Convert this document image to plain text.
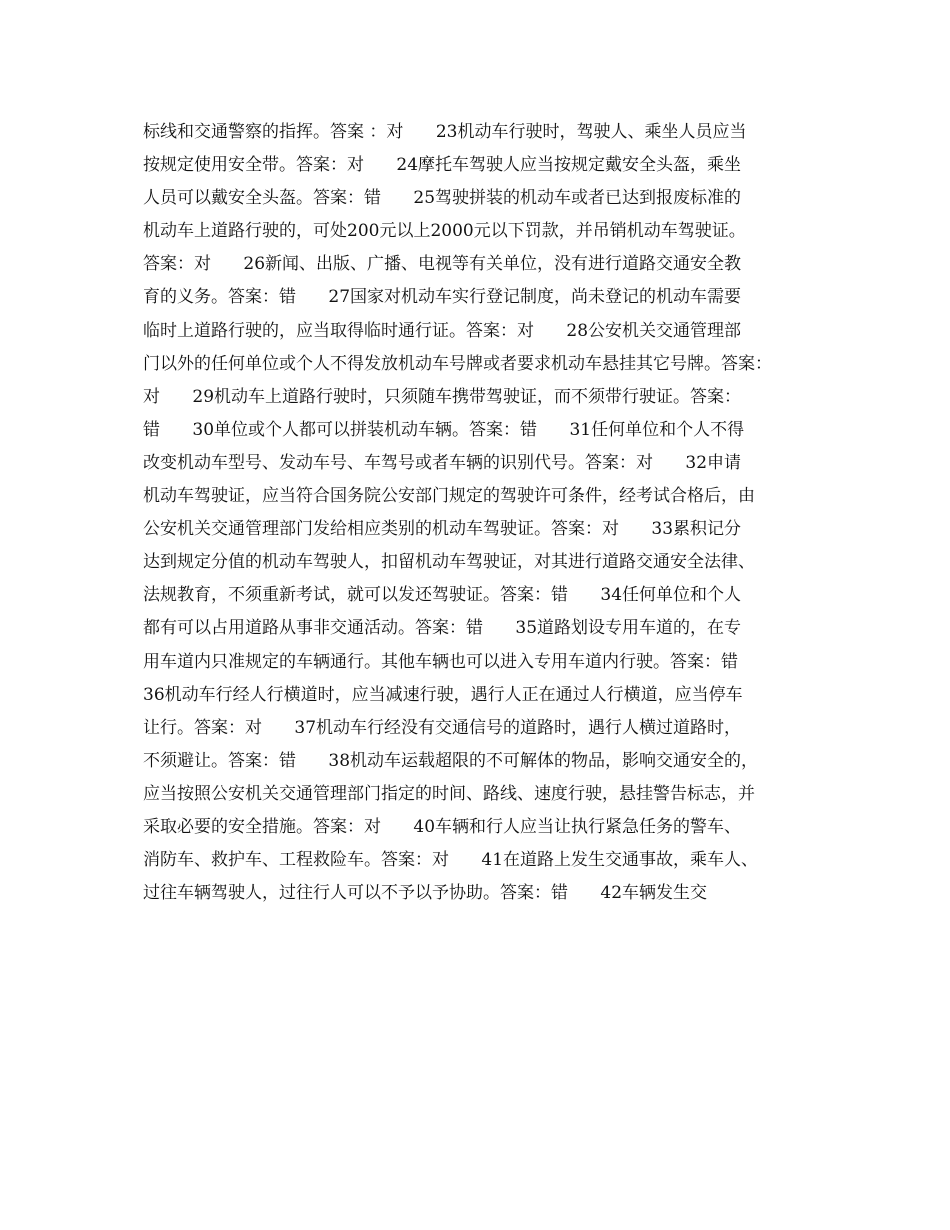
标线和交通警察的指挥。答案 ：对      23机动车行驶时，驾驶人、乘坐人员应当
按规定使用安全带。答案：对      24摩托车驾驶人应当按规定戴安全头盔，乘坐
人员可以戴安全头盔。答案：错      25驾驶拼装的机动车或者已达到报废标准的
机动车上道路行驶的，可处200元以上2000元以下罚款，并吊销机动车驾驶证。
答案：对      26新闻、出版、广播、电视等有关单位，没有进行道路交通安全教
育的义务。答案：错      27国家对机动车实行登记制度，尚未登记的机动车需要
临时上道路行驶的，应当取得临时通行证。答案：对      28公安机关交通管理部
门以外的任何单位或个人不得发放机动车号牌或者要求机动车悬挂其它号牌。答案：
对      29机动车上道路行驶时，只须随车携带驾驶证，而不须带行驶证。答案：
错      30单位或个人都可以拼装机动车辆。答案：错      31任何单位和个人不得
改变机动车型号、发动车号、车驾号或者车辆的识别代号。答案：对      32申请
机动车驾驶证，应当符合国务院公安部门规定的驾驶许可条件，经考试合格后，由
公安机关交通管理部门发给相应类别的机动车驾驶证。答案：对      33累积记分
达到规定分值的机动车驾驶人，扣留机动车驾驶证，对其进行道路交通安全法律、
法规教育，不须重新考试，就可以发还驾驶证。答案：错      34任何单位和个人
都有可以占用道路从事非交通活动。答案：错      35道路划设专用车道的，在专
用车道内只准规定的车辆通行。其他车辆也可以进入专用车道内行驶。答案：错
36机动车行经人行横道时，应当减速行驶，遇行人正在通过人行横道，应当停车
让行。答案：对      37机动车行经没有交通信号的道路时，遇行人横过道路时，
不须避让。答案：错      38机动车运载超限的不可解体的物品，影响交通安全的，
应当按照公安机关交通管理部门指定的时间、路线、速度行驶，悬挂警告标志，并
采取必要的安全措施。答案：对      40车辆和行人应当让执行紧急任务的警车、
消防车、救护车、工程救险车。答案：对      41在道路上发生交通事故，乘车人、
过往车辆驾驶人，过往行人可以不予以予协助。答案：错      42车辆发生交
